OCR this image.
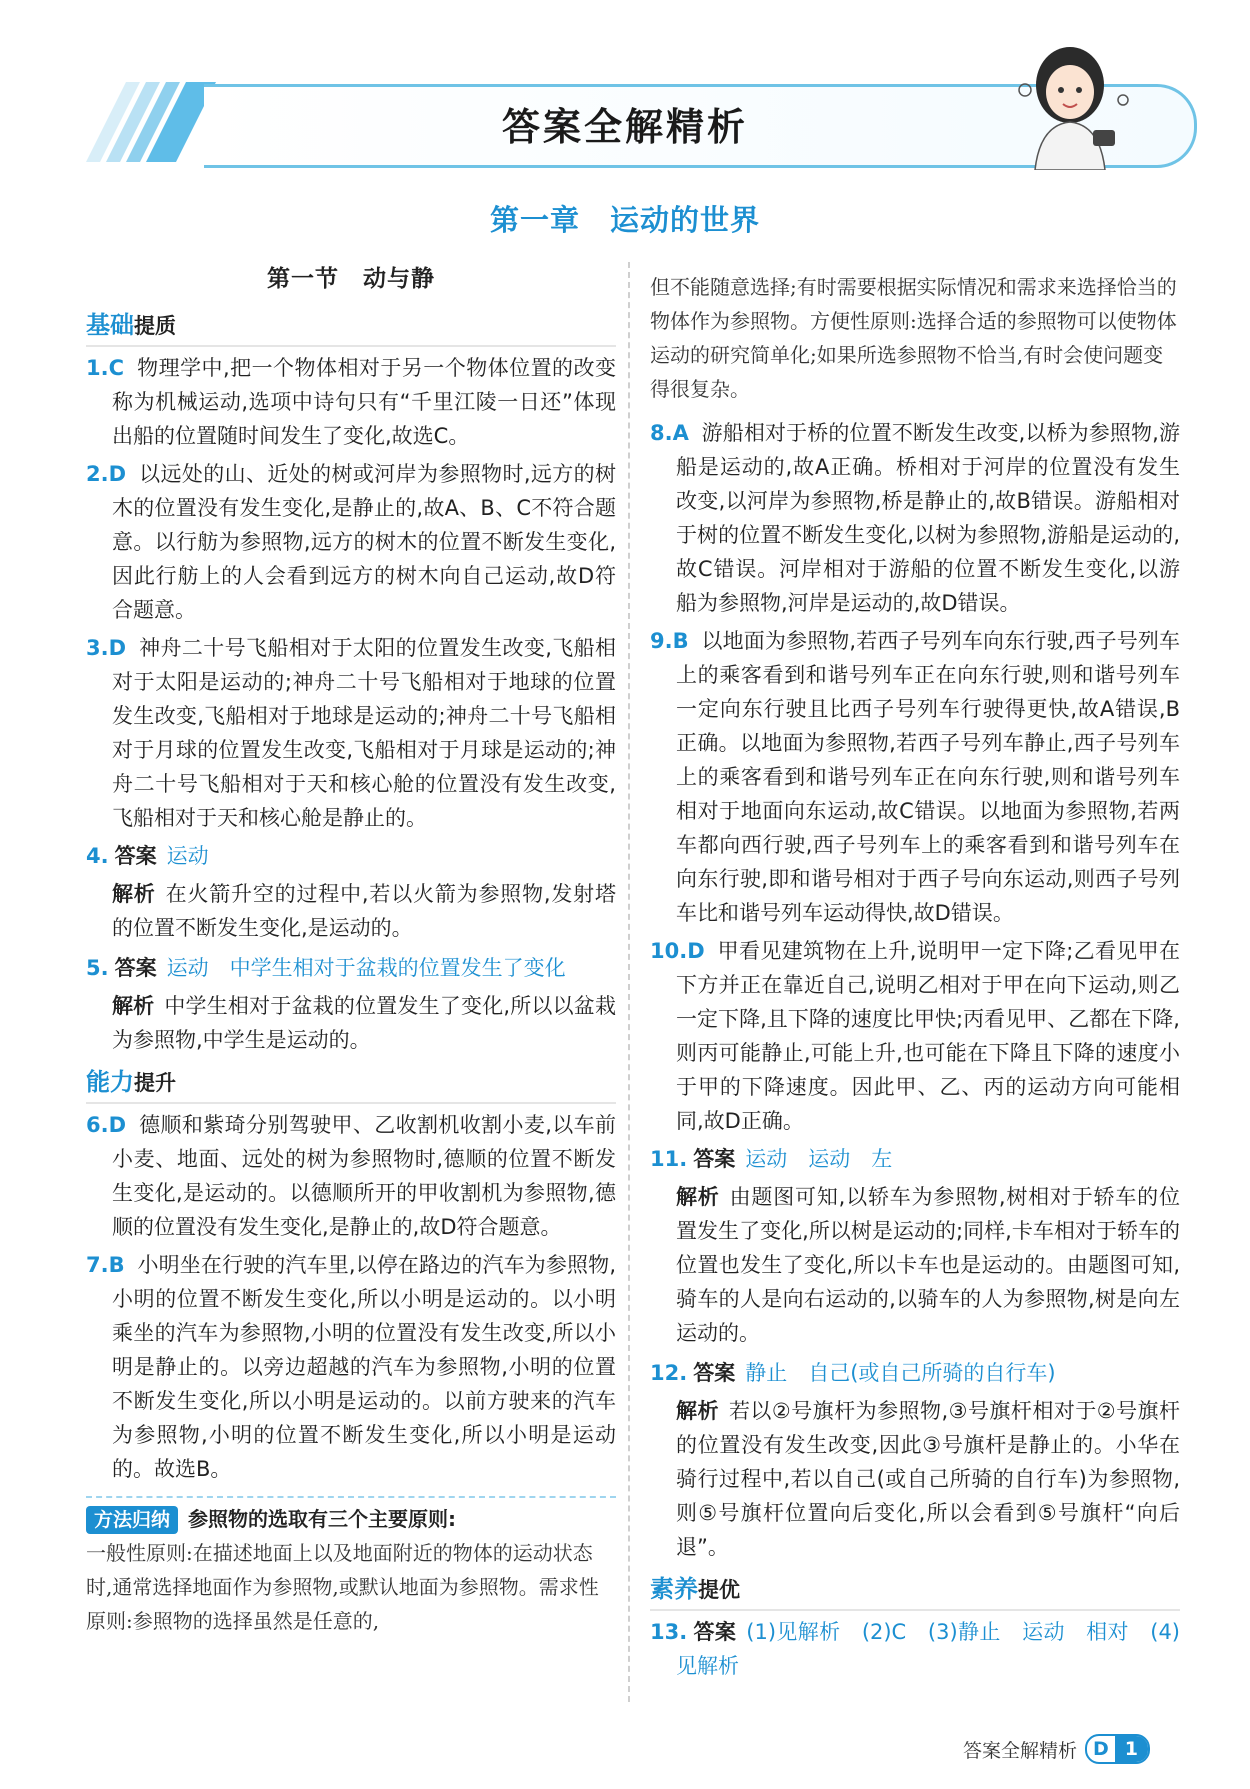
答案全解精析
第一章　运动的世界
第一节　动与静
基础提质
1.C 物理学中,把一个物体相对于另一个物体位置的改变称为机械运动,选项中诗句只有“千里江陵一日还”体现出船的位置随时间发生了变化,故选C。
2.D 以远处的山、近处的树或河岸为参照物时,远方的树木的位置没有发生变化,是静止的,故A、B、C不符合题意。以行舫为参照物,远方的树木的位置不断发生变化,因此行舫上的人会看到远方的树木向自己运动,故D符合题意。
3.D 神舟二十号飞船相对于太阳的位置发生改变,飞船相对于太阳是运动的;神舟二十号飞船相对于地球的位置发生改变,飞船相对于地球是运动的;神舟二十号飞船相对于月球的位置发生改变,飞船相对于月球是运动的;神舟二十号飞船相对于天和核心舱的位置没有发生改变,飞船相对于天和核心舱是静止的。
4. 答案 运动
解析 在火箭升空的过程中,若以火箭为参照物,发射塔的位置不断发生变化,是运动的。
5. 答案 运动　中学生相对于盆栽的位置发生了变化
解析 中学生相对于盆栽的位置发生了变化,所以以盆栽为参照物,中学生是运动的。
能力提升
6.D 德顺和紫琦分别驾驶甲、乙收割机收割小麦,以车前小麦、地面、远处的树为参照物时,德顺的位置不断发生变化,是运动的。以德顺所开的甲收割机为参照物,德顺的位置没有发生变化,是静止的,故D符合题意。
7.B 小明坐在行驶的汽车里,以停在路边的汽车为参照物,小明的位置不断发生变化,所以小明是运动的。以小明乘坐的汽车为参照物,小明的位置没有发生改变,所以小明是静止的。以旁边超越的汽车为参照物,小明的位置不断发生变化,所以小明是运动的。以前方驶来的汽车为参照物,小明的位置不断发生变化,所以小明是运动的。故选B。
方法归纳 参照物的选取有三个主要原则:
一般性原则:在描述地面上以及地面附近的物体的运动状态时,通常选择地面作为参照物,或默认地面为参照物。需求性原则:参照物的选择虽然是任意的,
但不能随意选择;有时需要根据实际情况和需求来选择恰当的物体作为参照物。方便性原则:选择合适的参照物可以使物体运动的研究简单化;如果所选参照物不恰当,有时会使问题变得很复杂。
8.A 游船相对于桥的位置不断发生改变,以桥为参照物,游船是运动的,故A正确。桥相对于河岸的位置没有发生改变,以河岸为参照物,桥是静止的,故B错误。游船相对于树的位置不断发生变化,以树为参照物,游船是运动的,故C错误。河岸相对于游船的位置不断发生变化,以游船为参照物,河岸是运动的,故D错误。
9.B 以地面为参照物,若西子号列车向东行驶,西子号列车上的乘客看到和谐号列车正在向东行驶,则和谐号列车一定向东行驶且比西子号列车行驶得更快,故A错误,B正确。以地面为参照物,若西子号列车静止,西子号列车上的乘客看到和谐号列车正在向东行驶,则和谐号列车相对于地面向东运动,故C错误。以地面为参照物,若两车都向西行驶,西子号列车上的乘客看到和谐号列车在向东行驶,即和谐号相对于西子号向东运动,则西子号列车比和谐号列车运动得快,故D错误。
10.D 甲看见建筑物在上升,说明甲一定下降;乙看见甲在下方并正在靠近自己,说明乙相对于甲在向下运动,则乙一定下降,且下降的速度比甲快;丙看见甲、乙都在下降,则丙可能静止,可能上升,也可能在下降且下降的速度小于甲的下降速度。因此甲、乙、丙的运动方向可能相同,故D正确。
11. 答案 运动　运动　左
解析 由题图可知,以轿车为参照物,树相对于轿车的位置发生了变化,所以树是运动的;同样,卡车相对于轿车的位置也发生了变化,所以卡车也是运动的。由题图可知,骑车的人是向右运动的,以骑车的人为参照物,树是向左运动的。
12. 答案 静止　自己(或自己所骑的自行车)
解析 若以②号旗杆为参照物,③号旗杆相对于②号旗杆的位置没有发生改变,因此③号旗杆是静止的。小华在骑行过程中,若以自己(或自己所骑的自行车)为参照物,则⑤号旗杆位置向后变化,所以会看到⑤号旗杆“向后退”。
素养提优
13. 答案 (1)见解析　(2)C　(3)静止　运动　相对　(4)见解析
答案全解精析 D 1
